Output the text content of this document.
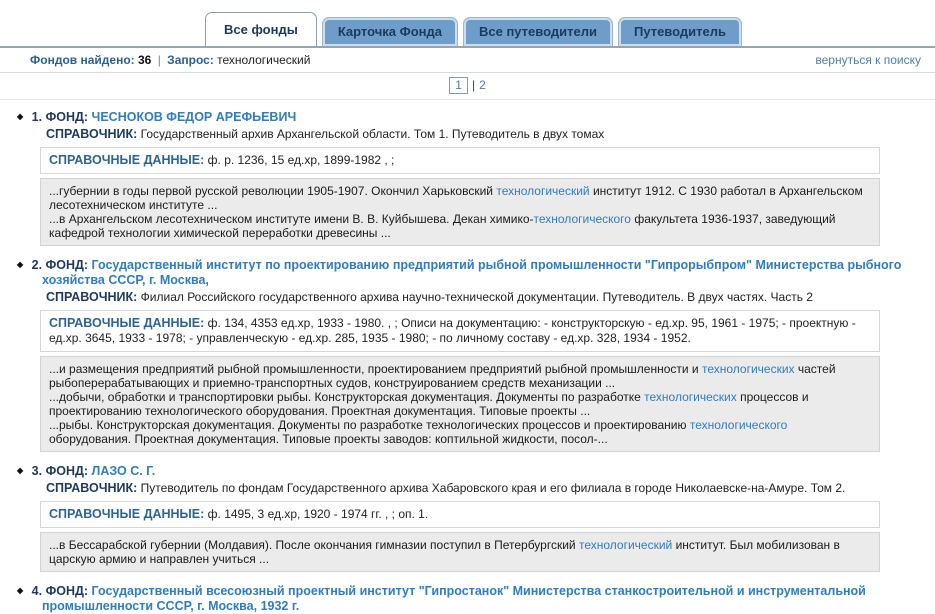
Все фонды	Карточка Фонда	Все путеводители	Путеводитель
Фондов найдено: 36 | Запрос: технологический	вернуться к поиску
1 | 2
◆ 1. ФОНД: ЧЕСНОКОВ ФЕДОР АРЕФЬЕВИЧ
СПРАВОЧНИК: Государственный архив Архангельской области. Том 1. Путеводитель в двух томах
СПРАВОЧНЫЕ ДАННЫЕ: ф. р. 1236, 15 ед.хр, 1899-1982 , ;

...губернии в годы первой русской революции 1905-1907. Окончил Харьковский технологический институт 1912. С 1930 работал в Архангельском лесотехническом институте ...

...в Архангельском лесотехническом институте имени В. В. Куйбышева. Декан химико-технологического факультета 1936-1937, заведующий кафедрой технологии химической переработки древесины ...

◆ 2. ФОНД: Государственный институт по проектированию предприятий рыбной промышленности "Гипрорыбпром" Министерства рыбного хозяйства СССР, г. Москва,
СПРАВОЧНИК: Филиал Российского государственного архива научно-технической документации. Путеводитель. В двух частях. Часть 2
СПРАВОЧНЫЕ ДАННЫЕ: ф. 134, 4353 ед.хр, 1933 - 1980. , ; Описи на документацию: - конструкторскую - ед.хр. 95, 1961 - 1975; - проектную - ед.хр. 3645, 1933 - 1978; - управленческую - ед.хр. 285, 1935 - 1980; - по личному составу - ед.хр. 328, 1934 - 1952.

...и размещения предприятий рыбной промышленности, проектированием предприятий рыбной промышленности и технологических частей рыбоперерабатывающих и приемно-транспортных судов, конструированием средств механизации ...

...добычи, обработки и транспортировки рыбы. Конструкторская документация. Документы по разработке технологических процессов и проектированию технологического оборудования. Проектная документация. Типовые проекты ...

...рыбы. Конструкторская документация. Документы по разработке технологических процессов и проектированию технологического оборудования. Проектная документация. Типовые проекты заводов: коптильной жидкости, посол-...

◆ 3. ФОНД: ЛАЗО С. Г.
СПРАВОЧНИК: Путеводитель по фондам Государственного архива Хабаровского края и его филиала в городе Николаевске-на-Амуре. Том 2.
СПРАВОЧНЫЕ ДАННЫЕ: ф. 1495, 3 ед.хр, 1920 - 1974 гг. , ; оп. 1.

...в Бессарабской губернии (Молдавия). После окончания гимназии поступил в Петербургский технологический институт. Был мобилизован в царскую армию и направлен учиться ...

◆ 4. ФОНД: Государственный всесоюзный проектный институт "Гипростанок" Министерства станкостроительной и инструментальной промышленности СССР, г. Москва, 1932 г.
